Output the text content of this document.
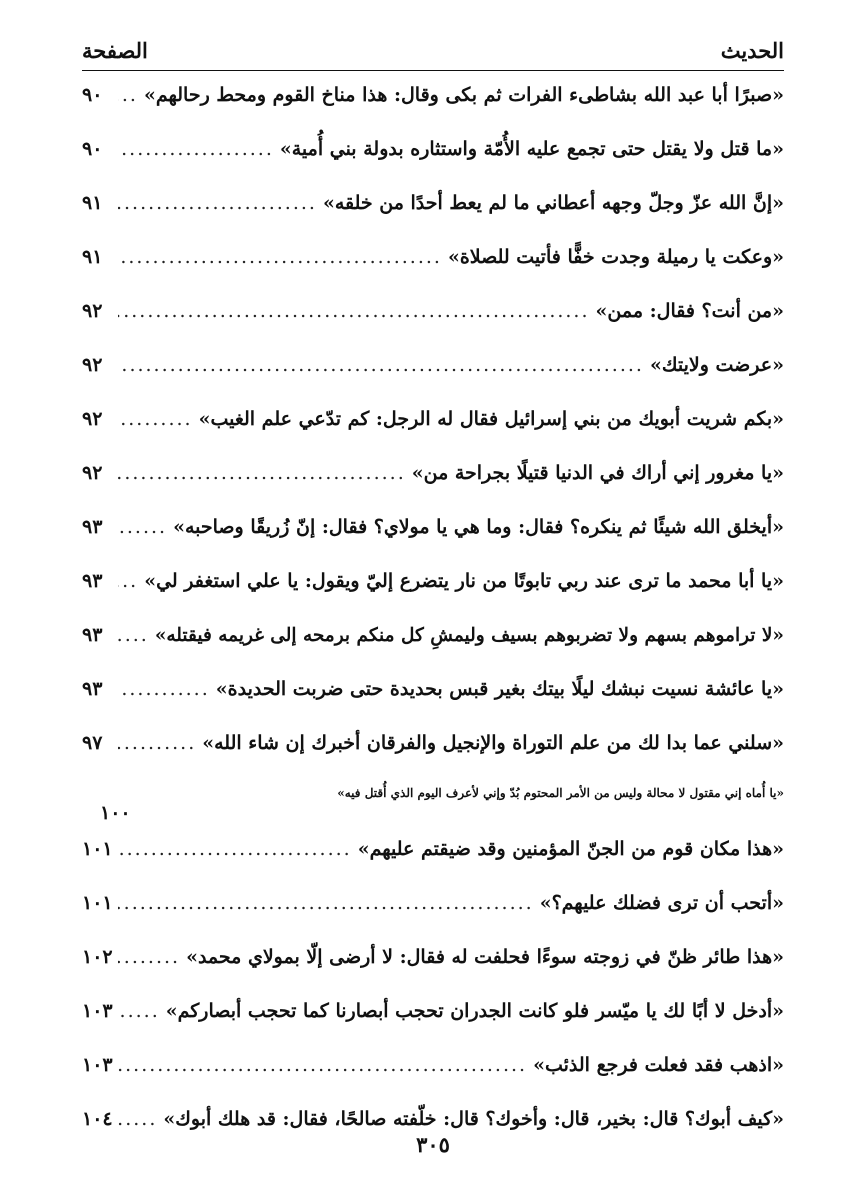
الحديث
الصفحة
«صبرًا أبا عبد الله بشاطىء الفرات ثم بكى وقال: هذا مناخ القوم ومحط رحالهم»
.....
٩٠
«ما قتل ولا يقتل حتى تجمع عليه الأُمّة واستثاره بدولة بني أُمية»
.....
٩٠
«إنَّ الله عزّ وجلّ وجهه أعطاني ما لم يعط أحدًا من خلقه»
.....
٩١
«وعكت يا رميلة وجدت خفًّا فأتيت للصلاة»
.....
٩١
«من أنت؟ فقال: ممن»
.....
٩٢
«عرضت ولايتك»
.....
٩٢
«بكم شريت أبويك من بني إسرائيل فقال له الرجل: كم تدّعي علم الغيب»
.....
٩٢
«يا مغرور إني أراك في الدنيا قتيلًا بجراحة من»
.....
٩٢
«أيخلق الله شيئًا ثم ينكره؟ فقال: وما هي يا مولاي؟ فقال: إنّ زُريقًا وصاحبه»
.....
٩٣
«يا أبا محمد ما ترى عند ربي تابوتًا من نار يتضرع إليّ ويقول: يا علي استغفر لي»
.....
٩٣
«لا تراموهم بسهم ولا تضربوهم بسيف وليمشِ كل منكم برمحه إلى غريمه فيقتله»
.....
٩٣
«يا عائشة نسيت نبشك ليلًا بيتك بغير قبس بحديدة حتى ضربت الحديدة»
.....
٩٣
«سلني عما بدا لك من علم التوراة والإنجيل والفرقان أخبرك إن شاء الله»
.....
٩٧
«يا أُماه إني مقتول لا محالة وليس من الأمر المحتوم بُدّ وإني لأعرف اليوم الذي أُقتل فيه»
١٠٠
«هذا مكان قوم من الجنّ المؤمنين وقد ضيقتم عليهم»
.....
١٠١
«أتحب أن ترى فضلك عليهم؟»
.....
١٠١
«هذا طائر ظنّ في زوجته سوءًا فحلفت له فقال: لا أرضى إلّا بمولاي محمد»
.....
١٠٢
«أدخل لا أبًا لك يا ميّسر فلو كانت الجدران تحجب أبصارنا كما تحجب أبصاركم»
.....
١٠٣
«اذهب فقد فعلت فرجع الذئب»
.....
١٠٣
«كيف أبوك؟ قال: بخير، قال: وأخوك؟ قال: خلّفته صالحًا، فقال: قد هلك أبوك»
.....
١٠٤
٣٠٥
